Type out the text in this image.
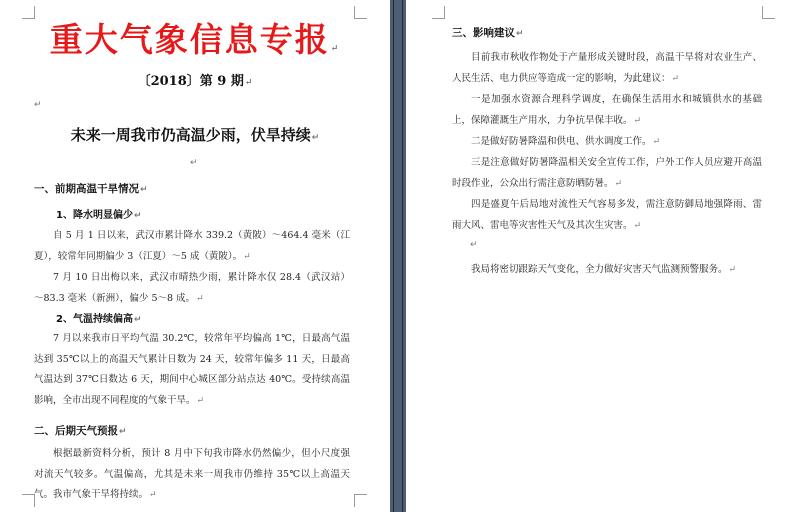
重大气象信息专报↵
〔2018〕第 9 期↵
↵
未来一周我市仍高温少雨，伏旱持续↵
↵
一、前期高温干旱情况↵
1、降水明显偏少↵
自 5 月 1 日以来，武汉市累计降水 339.2（黄陂）～464.4 毫米（江夏），较常年同期偏少 3（江夏）～5 成（黄陂）。↵
7 月 10 日出梅以来，武汉市晴热少雨，累计降水仅 28.4（武汉站）～83.3 毫米（新洲），偏少 5～8 成。↵
2、气温持续偏高↵
7 月以来我市日平均气温 30.2℃，较常年平均偏高 1℃，日最高气温达到 35℃以上的高温天气累计日数为 24 天，较常年偏多 11 天，日最高气温达到 37℃日数达 6 天，期间中心城区部分站点达 40℃。受持续高温影响，全市出现不同程度的气象干旱。↵
二、后期天气预报↵
根据最新资料分析，预计 8 月中下旬我市降水仍然偏少，但小尺度强对流天气较多。气温偏高，尤其是未来一周我市仍维持 35℃以上高温天气。我市气象干旱将持续。↵
三、影响建议↵
目前我市秋收作物处于产量形成关键时段，高温干旱将对农业生产、人民生活、电力供应等造成一定的影响，为此建议：↵
一是加强水资源合理科学调度，在确保生活用水和城镇供水的基础上，保障灌溉生产用水，力争抗旱保丰收。↵
二是做好防暑降温和供电、供水调度工作。↵
三是注意做好防暑降温相关安全宣传工作，户外工作人员应避开高温时段作业，公众出行需注意防晒防暑。↵
四是盛夏午后局地对流性天气容易多发，需注意防御局地强降雨、雷雨大风、雷电等灾害性天气及其次生灾害。↵
↵
我局将密切跟踪天气变化，全力做好灾害天气监测预警服务。↵
